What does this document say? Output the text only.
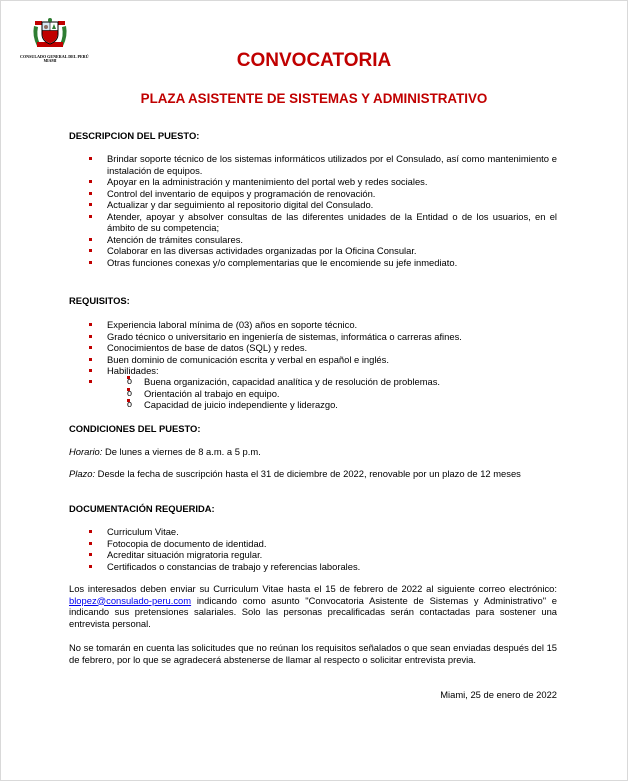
CONSULADO GENERAL DEL PERÚ
MIAMI	CONVOCATORIA
PLAZA ASISTENTE DE SISTEMAS Y ADMINISTRATIVO
DESCRIPCION DEL PUESTO:
Brindar soporte técnico de los sistemas informáticos utilizados por el Consulado, así como mantenimiento e instalación de equipos.
Apoyar en la administración y mantenimiento del portal web y redes sociales.
Control del inventario de equipos y programación de renovación.
Actualizar y dar seguimiento al repositorio digital del Consulado.
Atender, apoyar y absolver consultas de las diferentes unidades de la Entidad o de los usuarios, en el ámbito de su competencia;
Atención de trámites consulares.
Colaborar en las diversas actividades organizadas por la Oficina Consular.
Otras funciones conexas y/o complementarias que le encomiende su jefe inmediato.
REQUISITOS:
Experiencia laboral mínima de (03) años en soporte técnico.
Grado técnico o universitario en ingeniería de sistemas, informática o carreras afines.
Conocimientos de base de datos (SQL) y redes.
Buen dominio de comunicación escrita y verbal en español e inglés.
Habilidades:
o Buena organización, capacidad analítica y de resolución de problemas.
o Orientación al trabajo en equipo.
o Capacidad de juicio independiente y liderazgo.
CONDICIONES DEL PUESTO:
Horario: De lunes a viernes de 8 a.m. a 5 p.m.
Plazo: Desde la fecha de suscripción hasta el 31 de diciembre de 2022, renovable por un plazo de 12 meses
DOCUMENTACIÓN REQUERIDA:
Curriculum Vitae.
Fotocopia de documento de identidad.
Acreditar situación migratoria regular.
Certificados o constancias de trabajo y referencias laborales.
Los interesados deben enviar su Curriculum Vitae hasta el 15 de febrero de 2022 al siguiente correo electrónico: blopez@consulado-peru.com indicando como asunto "Convocatoria Asistente de Sistemas y Administrativo" e indicando sus pretensiones salariales. Solo las personas precalificadas serán contactadas para sostener una entrevista personal.
No se tomarán en cuenta las solicitudes que no reúnan los requisitos señalados o que sean enviadas después del 15 de febrero, por lo que se agradecerá abstenerse de llamar al respecto o solicitar entrevista previa.
Miami, 25 de enero de 2022
